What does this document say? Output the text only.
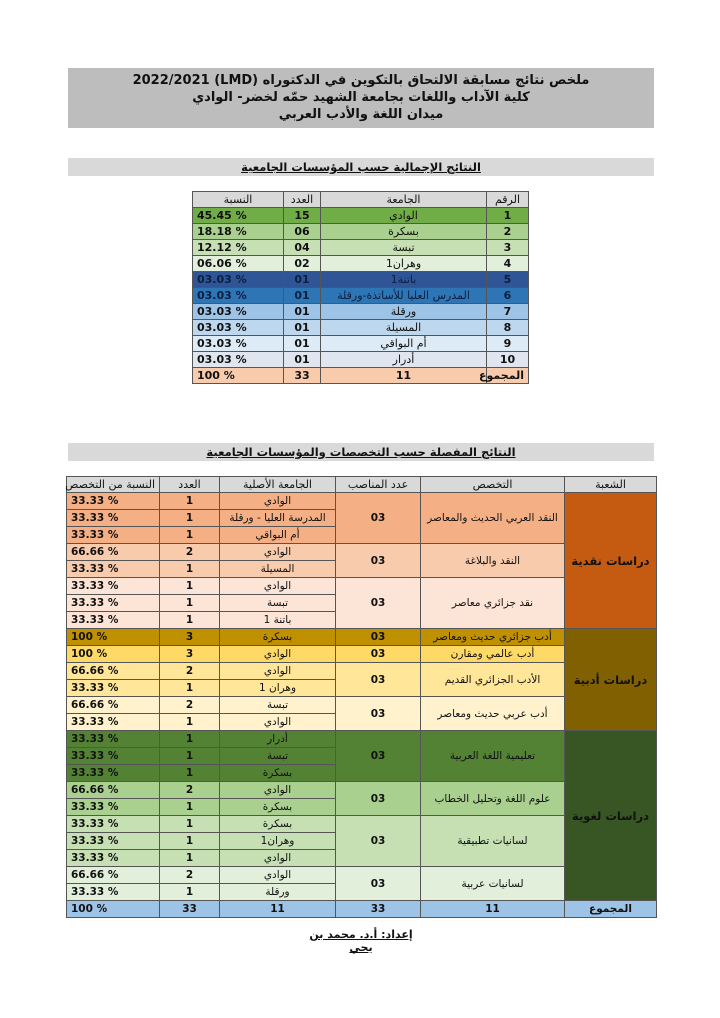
ملخص نتائج مسابقة الالتحاق بالتكوين في الدكتوراه (LMD) 2022/2021
كلية الآداب واللغات بجامعة الشهيد حمّه لخضر- الوادي
ميدان اللغة والأدب العربي
النتائج الإجمالية حسب المؤسسات الجامعية
الرقم	الجامعة	العدد	النسبة
1	الوادي	15	45.45 %
2	بسكرة	06	18.18 %
3	تبسة	04	12.12 %
4	وهران1	02	06.06 %
5	باتنة1	01	03.03 %
6	المدرس العليا للأساتذة-ورقلة	01	03.03 %
7	ورقلة	01	03.03 %
8	المسيلة	01	03.03 %
9	أم البواقي	01	03.03 %
10	أدرار	01	03.03 %
المجموع	11	33	100 %
النتائج المفصلة حسب التخصصات والمؤسسات الجامعية
الشعبة	التخصص	عدد المناصب	الجامعة الأصلية	العدد	النسبة من التخصص
دراسات نقدية	النقد العربي الحديث والمعاصر	03	الوادي	1	33.33 %
			المدرسة العليا - ورقلة	1	33.33 %
			أم البواقي	1	33.33 %
	النقد والبلاغة	03	الوادي	2	66.66 %
			المسيلة	1	33.33 %
	نقد جزائري معاصر	03	الوادي	1	33.33 %
			تبسة	1	33.33 %
			باتنة 1	1	33.33 %
دراسات أدبية	أدب جزائري حديث ومعاصر	03	بسكرة	3	100 %
	أدب عالمي ومقارن	03	الوادي	3	100 %
	الأدب الجزائري القديم	03	الوادي	2	66.66 %
			وهران 1	1	33.33 %
	أدب عربي حديث ومعاصر	03	تبسة	2	66.66 %
			الوادي	1	33.33 %
دراسات لغوية	تعليمية اللغة العربية	03	أدرار	1	33.33 %
			تبسة	1	33.33 %
			بسكرة	1	33.33 %
	علوم اللغة وتحليل الخطاب	03	الوادي	2	66.66 %
			بسكرة	1	33.33 %
	لسانيات تطبيقية	03	بسكرة	1	33.33 %
			وهران1	1	33.33 %
			الوادي	1	33.33 %
	لسانيات عربية	03	الوادي	2	66.66 %
			ورقلة	1	33.33 %
المجموع	11	33	11	33	100 %
إعداد: أ.د. محمد بن يحي
